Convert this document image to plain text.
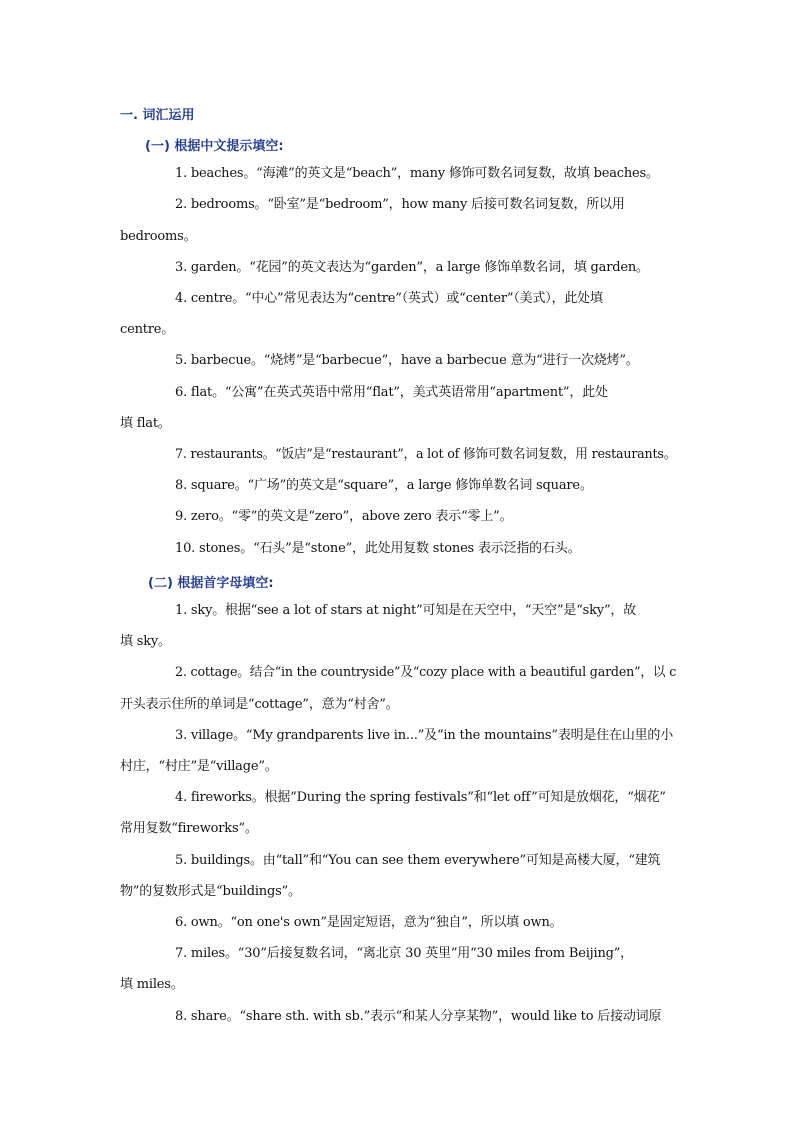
一. 词汇运用
(一) 根据中文提示填空:
1. beaches。“海滩”的英文是“beach”，many 修饰可数名词复数，故填 beaches。
2. bedrooms。“卧室”是“bedroom”，how many 后接可数名词复数，所以用
bedrooms。
3. garden。“花园”的英文表达为“garden”，a large 修饰单数名词，填 garden。
4. centre。“中心”常见表达为“centre”（英式）或“center”（美式），此处填
centre。
5. barbecue。“烧烤”是“barbecue”，have a barbecue 意为“进行一次烧烤”。
6. flat。“公寓”在英式英语中常用“flat”，美式英语常用“apartment”，此处
填 flat。
7. restaurants。“饭店”是“restaurant”，a lot of 修饰可数名词复数，用 restaurants。
8. square。“广场”的英文是“square”，a large 修饰单数名词 square。
9. zero。“零”的英文是“zero”，above zero 表示“零上”。
10. stones。“石头”是“stone”，此处用复数 stones 表示泛指的石头。
(二) 根据首字母填空:
1. sky。根据“see a lot of stars at night”可知是在天空中，“天空”是“sky”，故
填 sky。
2. cottage。结合“in the countryside”及“cozy place with a beautiful garden”，以 c
开头表示住所的单词是“cottage”，意为“村舍”。
3. village。“My grandparents live in...”及“in the mountains”表明是住在山里的小
村庄，“村庄”是“village”。
4. fireworks。根据“During the spring festivals”和“let off”可知是放烟花，“烟花”
常用复数“fireworks”。
5. buildings。由“tall”和“You can see them everywhere”可知是高楼大厦，“建筑
物”的复数形式是“buildings”。
6. own。“on one's own”是固定短语，意为“独自”，所以填 own。
7. miles。“30”后接复数名词，“离北京 30 英里”用“30 miles from Beijing”，
填 miles。
8. share。“share sth. with sb.”表示“和某人分享某物”，would like to 后接动词原
